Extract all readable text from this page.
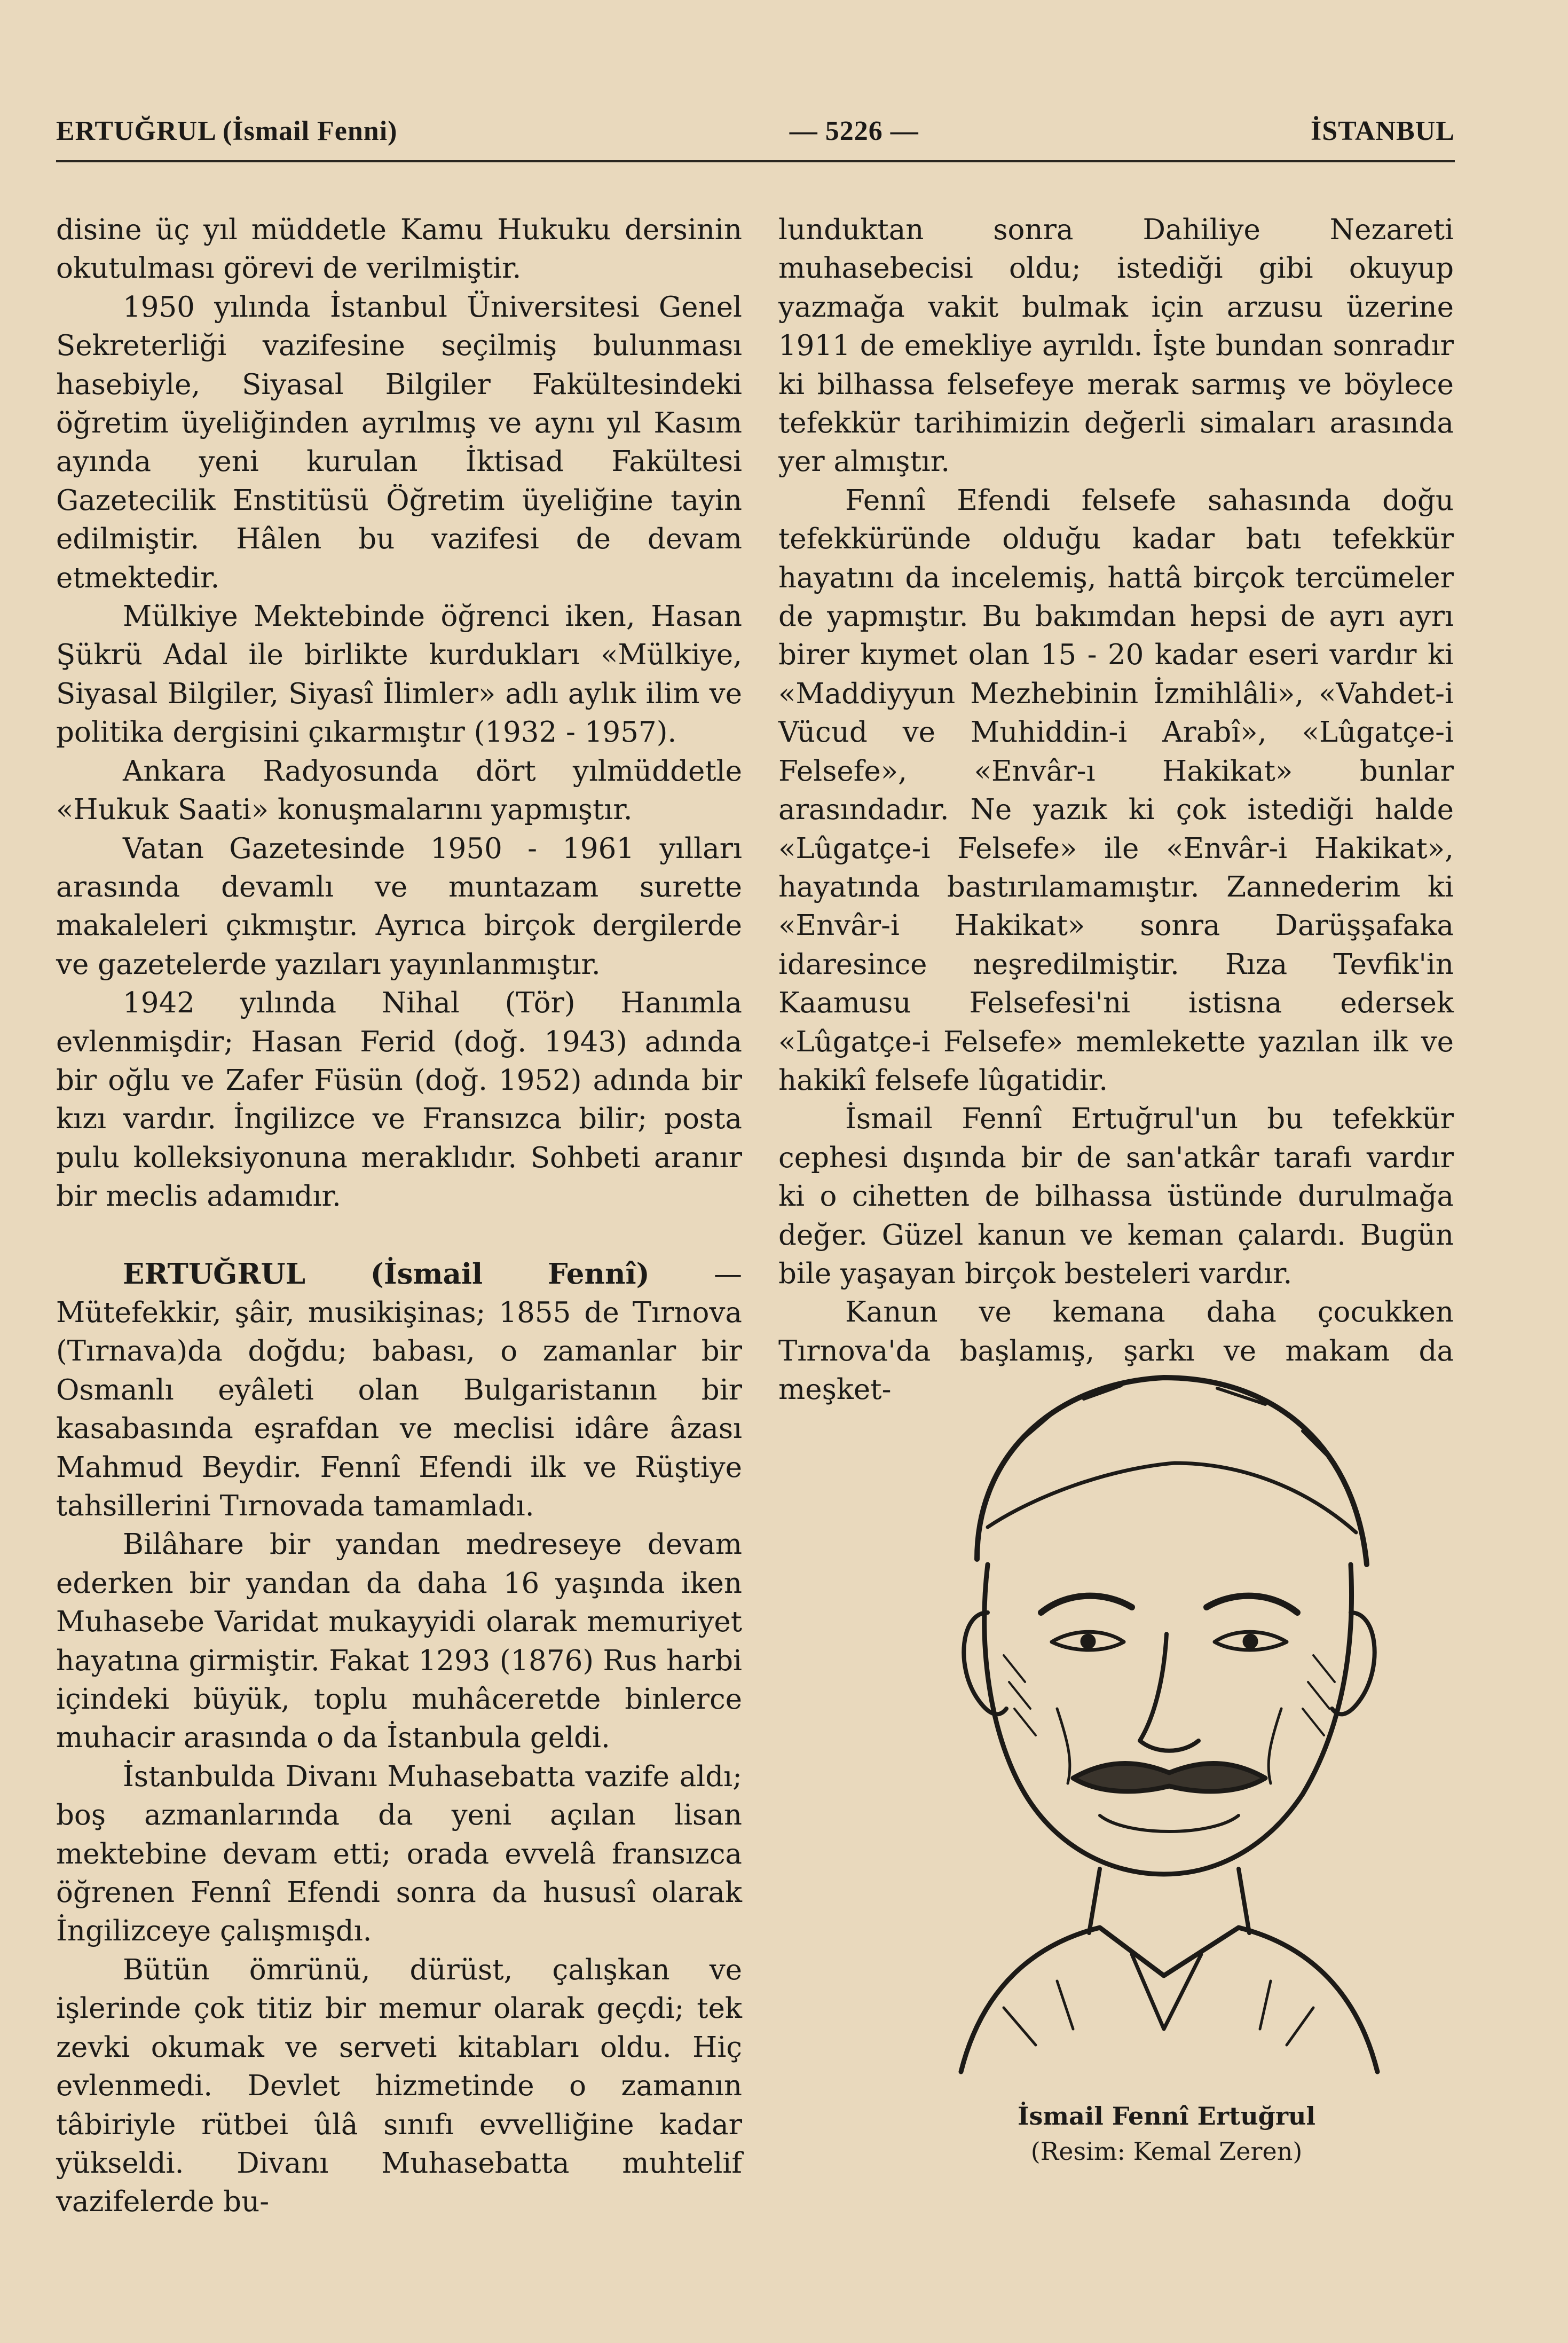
ERTUĞRUL (İsmail Fenni)	— 5226 —	İSTANBUL

disine üç yıl müddetle Kamu Hukuku dersinin okutulması görevi de verilmiştir.

1950 yılında İstanbul Üniversitesi Genel Sekreterliği vazifesine seçilmiş bulunması hasebiyle, Siyasal Bilgiler Fakültesindeki öğretim üyeliğinden ayrılmış ve aynı yıl Kasım ayında yeni kurulan İktisad Fakültesi Gazetecilik Enstitüsü Öğretim üyeliğine tayin edilmiştir. Hâlen bu vazifesi de devam etmektedir.

Mülkiye Mektebinde öğrenci iken, Hasan Şükrü Adal ile birlikte kurdukları «Mülkiye, Siyasal Bilgiler, Siyasî İlimler» adlı aylık ilim ve politika dergisini çıkarmıştır (1932 - 1957).

Ankara Radyosunda dört yılmüddetle «Hukuk Saati» konuşmalarını yapmıştır.

Vatan Gazetesinde 1950 - 1961 yılları arasında devamlı ve muntazam surette makaleleri çıkmıştır. Ayrıca birçok dergilerde ve gazetelerde yazıları yayınlanmıştır.

1942 yılında Nihal (Tör) Hanımla evlenmişdir; Hasan Ferid (doğ. 1943) adında bir oğlu ve Zafer Füsün (doğ. 1952) adında bir kızı vardır. İngilizce ve Fransızca bilir; posta pulu kolleksiyonuna meraklıdır. Sohbeti aranır bir meclis adamıdır.

ERTUĞRUL (İsmail Fennî) — Mütefekkir, şâir, musikişinas; 1855 de Tırnova (Tırnava)da doğdu; babası, o zamanlar bir Osmanlı eyâleti olan Bulgaristanın bir kasabasında eşrafdan ve meclisi idâre âzası Mahmud Beydir. Fennî Efendi ilk ve Rüştiye tahsillerini Tırnovada tamamladı.

Bilâhare bir yandan medreseye devam ederken bir yandan da daha 16 yaşında iken Muhasebe Varidat mukayyidi olarak memuriyet hayatına girmiştir. Fakat 1293 (1876) Rus harbi içindeki büyük, toplu muhâceretde binlerce muhacir arasında o da İstanbula geldi.

İstanbulda Divanı Muhasebatta vazife aldı; boş azmanlarında da yeni açılan lisan mektebine devam etti; orada evvelâ fransızca öğrenen Fennî Efendi sonra da hususî olarak İngilizceye çalışmışdı.

Bütün ömrünü, dürüst, çalışkan ve işlerinde çok titiz bir memur olarak geçdi; tek zevki okumak ve serveti kitabları oldu. Hiç evlenmedi. Devlet hizmetinde o zamanın tâbiriyle rütbei ûlâ sınıfı evvelliğine kadar yükseldi. Divanı Muhasebatta muhtelif vazifelerde bu-

lunduktan sonra Dahiliye Nezareti muhasebecisi oldu; istediği gibi okuyup yazmağa vakit bulmak için arzusu üzerine 1911 de emekliye ayrıldı. İşte bundan sonradır ki bilhassa felsefeye merak sarmış ve böylece tefekkür tarihimizin değerli simaları arasında yer almıştır.

Fennî Efendi felsefe sahasında doğu tefekküründe olduğu kadar batı tefekkür hayatını da incelemiş, hattâ birçok tercümeler de yapmıştır. Bu bakımdan hepsi de ayrı ayrı birer kıymet olan 15 - 20 kadar eseri vardır ki «Maddiyyun Mezhebinin İzmihlâli», «Vahdet-i Vücud ve Muhiddin-i Arabî», «Lûgatçe-i Felsefe», «Envâr-ı Hakikat» bunlar arasındadır. Ne yazık ki çok istediği halde «Lûgatçe-i Felsefe» ile «Envâr-i Hakikat», hayatında bastırılamamıştır. Zannederim ki «Envâr-i Hakikat» sonra Darüşşafaka idaresince neşredilmiştir. Rıza Tevfik'in Kaamusu Felsefesi'ni istisna edersek «Lûgatçe-i Felsefe» memlekette yazılan ilk ve hakikî felsefe lûgatidir.

İsmail Fennî Ertuğrul'un bu tefekkür cephesi dışında bir de san'atkâr tarafı vardır ki o cihetten de bilhassa üstünde durulmağa değer. Güzel kanun ve keman çalardı. Bugün bile yaşayan birçok besteleri vardır.

Kanun ve kemana daha çocukken Tırnova'da başlamış, şarkı ve makam da meşket-

İsmail Fennî Ertuğrul
(Resim: Kemal Zeren)
